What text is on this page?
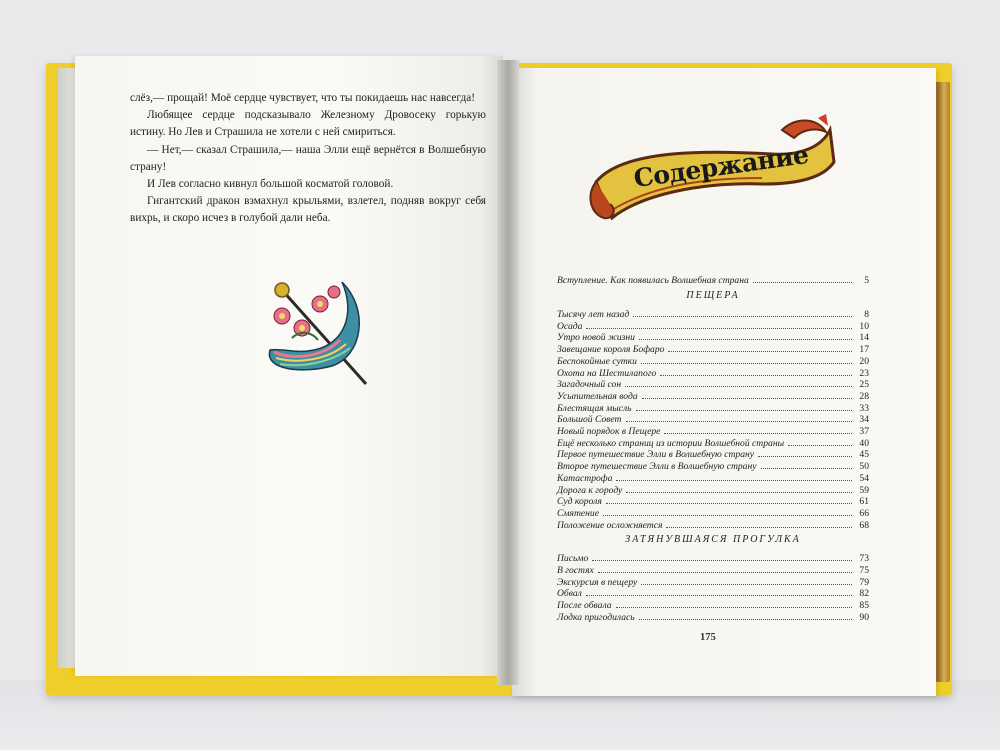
слёз,— прощай! Моё сердце чувствует, что ты покидаешь нас навсегда!

Любящее сердце подсказывало Железному Дровосеку горькую истину. Но Лев и Страшила не хотели с ней смириться.

— Нет,— сказал Страшила,— наша Элли ещё вернётся в Волшебную страну!

И Лев согласно кивнул большой косматой головой.

Гигантский дракон взмахнул крыльями, взлетел, подняв вокруг себя вихрь, и скоро исчез в голубой дали неба.

Содержание
Вступление. Как появилась Волшебная страна	5
ПЕЩЕРА
Тысячу лет назад	8
Осада	10
Утро новой жизни	14
Завещание короля Бофаро	17
Беспокойные сутки	20
Охота на Шестилапого	23
Загадочный сон	25
Усыпительная вода	28
Блестящая мысль	33
Большой Совет	34
Новый порядок в Пещере	37
Ещё несколько страниц из истории Волшебной страны	40
Первое путешествие Элли в Волшебную страну	45
Второе путешествие Элли в Волшебную страну	50
Катастрофа	54
Дорога к городу	59
Суд короля	61
Смятение	66
Положение осложняется	68
ЗАТЯНУВШАЯСЯ ПРОГУЛКА
Письмо	73
В гостях	75
Экскурсия в пещеру	79
Обвал	82
После обвала	85
Лодка пригодилась	90
175
